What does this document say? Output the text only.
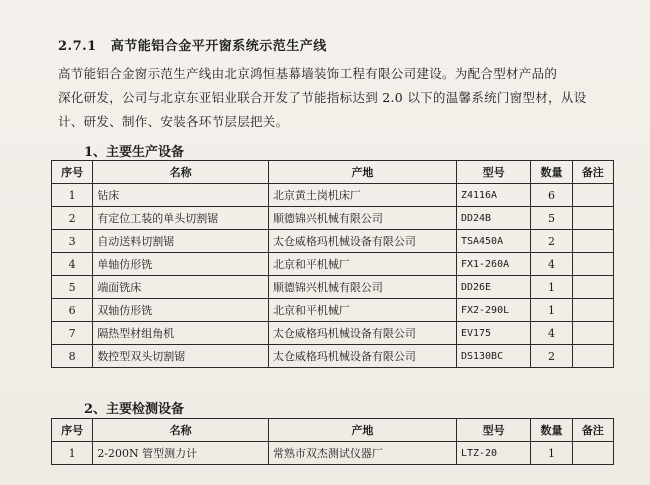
2.7.1 高节能铝合金平开窗系统示范生产线
高节能铝合金窗示范生产线由北京鸿恒基幕墙装饰工程有限公司建设。为配合型材产品的
深化研发，公司与北京东亚铝业联合开发了节能指标达到 2.0 以下的温馨系统门窗型材，从设
计、研发、制作、安装各环节层层把关。
1、主要生产设备
序号	名称	产地	型号	数量	备注
1	钻床	北京黄土岗机床厂	Z4116A	6	
2	有定位工装的单头切割锯	顺德锦兴机械有限公司	DD24B	5	
3	自动送料切割锯	太仓威格玛机械设备有限公司	TSA450A	2	
4	单轴仿形铣	北京和平机械厂	FX1-260A	4	
5	端面铣床	顺德锦兴机械有限公司	DD26E	1	
6	双轴仿形铣	北京和平机械厂	FX2-290L	1	
7	隔热型材组角机	太仓威格玛机械设备有限公司	EV175	4	
8	数控型双头切割锯	太仓威格玛机械设备有限公司	DS130BC	2	
2、主要检测设备
序号	名称	产地	型号	数量	备注
1	2-200N 管型测力计	常熟市双杰测试仪器厂	LTZ-20	1	
